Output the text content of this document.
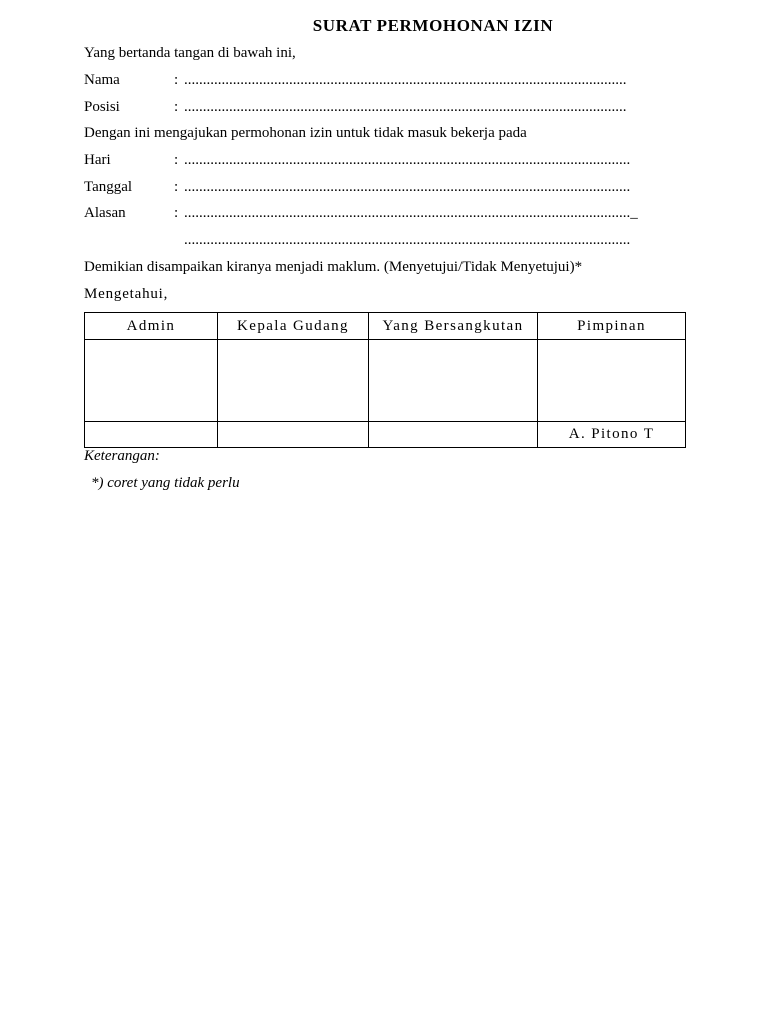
SURAT PERMOHONAN IZIN
Yang bertanda tangan di bawah ini,
Nama	: ......................................................................................................................
Posisi	: ......................................................................................................................
Dengan ini mengajukan permohonan izin untuk tidak masuk bekerja pada
Hari	: .......................................................................................................................
Tanggal	: .......................................................................................................................
Alasan	: ......................................................................................................................._
.......................................................................................................................
Demikian disampaikan kiranya menjadi maklum. (Menyetujui/Tidak Menyetujui)*
Mengetahui,
Admin	Kepala Gudang	Yang Bersangkutan	Pimpinan

			A. Pitono T
Keterangan:
*) coret yang tidak perlu
